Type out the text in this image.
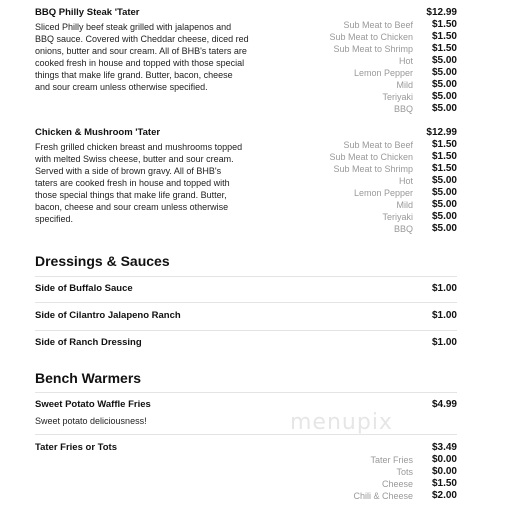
BBQ Philly Steak 'Tater	$12.99
Sliced Philly beef steak grilled with jalapenos and
BBQ sauce. Covered with Cheddar cheese, diced red
onions, butter and sour cream. All of BHB's taters are
cooked fresh in house and topped with those special
things that make life grand. Butter, bacon, cheese
and sour cream unless otherwise specified.
Sub Meat to Beef	$1.50
Sub Meat to Chicken	$1.50
Sub Meat to Shrimp	$1.50
Hot	$5.00
Lemon Pepper	$5.00
Mild	$5.00
Teriyaki	$5.00
BBQ	$5.00
Chicken & Mushroom 'Tater	$12.99
Fresh grilled chicken breast and mushrooms topped
with melted Swiss cheese, butter and sour cream.
Served with a side of brown gravy. All of BHB's
taters are cooked fresh in house and topped with
those special things that make life grand. Butter,
bacon, cheese and sour cream unless otherwise
specified.
Sub Meat to Beef	$1.50
Sub Meat to Chicken	$1.50
Sub Meat to Shrimp	$1.50
Hot	$5.00
Lemon Pepper	$5.00
Mild	$5.00
Teriyaki	$5.00
BBQ	$5.00
Dressings & Sauces
Side of Buffalo Sauce	$1.00
Side of Cilantro Jalapeno Ranch	$1.00
Side of Ranch Dressing	$1.00
Bench Warmers
menupix
Sweet Potato Waffle Fries	$4.99
Sweet potato deliciousness!
Tater Fries or Tots	$3.49
Tater Fries	$0.00
Tots	$0.00
Cheese	$1.50
Chili & Cheese	$2.00
